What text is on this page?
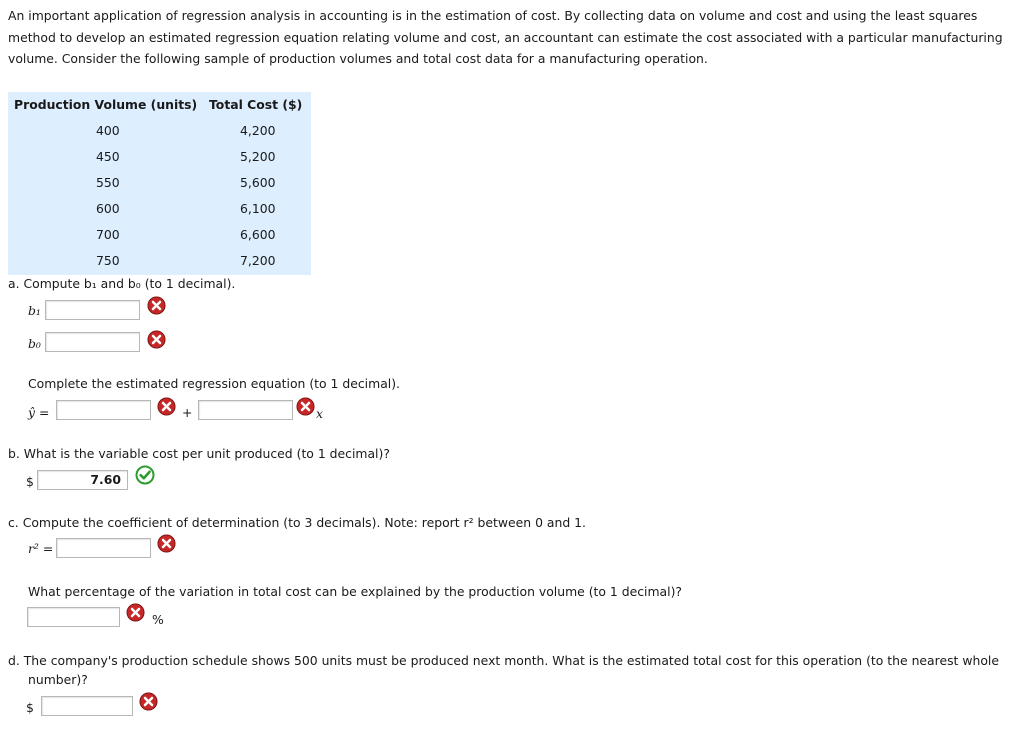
An important application of regression analysis in accounting is in the estimation of cost. By collecting data on volume and cost and using the least squares method to develop an estimated regression equation relating volume and cost, an accountant can estimate the cost associated with a particular manufacturing volume. Consider the following sample of production volumes and total cost data for a manufacturing operation.
Production Volume (units) Total Cost ($)
400	4,200
450	5,200
550	5,600
600	6,100
700	6,600
750	7,200
a. Compute b₁ and b₀ (to 1 decimal).
b₁
b₀
Complete the estimated regression equation (to 1 decimal).
ŷ =	+	x
b. What is the variable cost per unit produced (to 1 decimal)?
$	7.60
c. Compute the coefficient of determination (to 3 decimals). Note: report r² between 0 and 1.
r² =
What percentage of the variation in total cost can be explained by the production volume (to 1 decimal)?
%
d. The company's production schedule shows 500 units must be produced next month. What is the estimated total cost for this operation (to the nearest whole
number)?
$
